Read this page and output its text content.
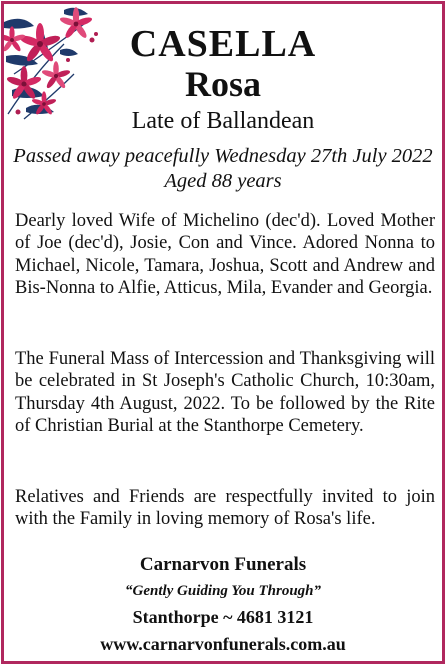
CASELLA
Rosa
Late of Ballandean
Passed away peacefully Wednesday 27th July 2022
Aged 88 years

Dearly loved Wife of Michelino (dec'd). Loved Mother of Joe (dec'd), Josie, Con and Vince. Adored Nonna to Michael, Nicole, Tamara, Joshua, Scott and Andrew and Bis-Nonna to Alfie, Atticus, Mila, Evander and Georgia.

The Funeral Mass of Intercession and Thanksgiving will be celebrated in St Joseph's Catholic Church, 10:30am, Thursday 4th August, 2022. To be followed by the Rite of Christian Burial at the Stanthorpe Cemetery.

Relatives and Friends are respectfully invited to join with the Family in loving memory of Rosa's life.

Carnarvon Funerals
“Gently Guiding You Through”
Stanthorpe ~ 4681 3121
www.carnarvonfunerals.com.au
